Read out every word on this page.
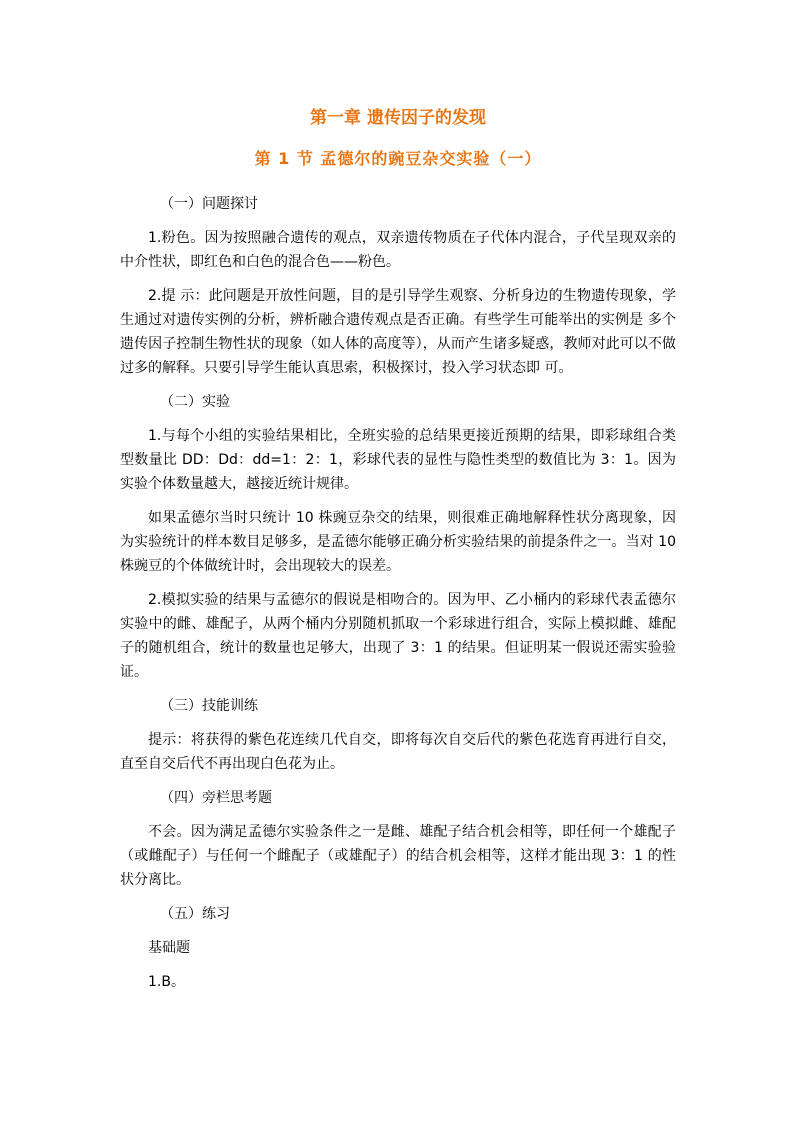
第一章 遗传因子的发现
第 1 节 孟德尔的豌豆杂交实验（一）

（一）问题探讨

1.粉色。因为按照融合遗传的观点，双亲遗传物质在子代体内混合，子代呈现双亲的中介性状，即红色和白色的混合色——粉色。

2.提 示：此问题是开放性问题，目的是引导学生观察、分析身边的生物遗传现象，学生通过对遗传实例的分析，辨析融合遗传观点是否正确。有些学生可能举出的实例是 多个遗传因子控制生物性状的现象（如人体的高度等），从而产生诸多疑惑，教师对此可以不做过多的解释。只要引导学生能认真思索，积极探讨，投入学习状态即 可。

（二）实验

1.与每个小组的实验结果相比，全班实验的总结果更接近预期的结果，即彩球组合类型数量比 DD：Dd：dd=1：2：1，彩球代表的显性与隐性类型的数值比为 3：1。因为实验个体数量越大，越接近统计规律。

如果孟德尔当时只统计 10 株豌豆杂交的结果，则很难正确地解释性状分离现象，因为实验统计的样本数目足够多，是孟德尔能够正确分析实验结果的前提条件之一。当对 10 株豌豆的个体做统计时，会出现较大的误差。

2.模拟实验的结果与孟德尔的假说是相吻合的。因为甲、乙小桶内的彩球代表孟德尔实验中的雌、雄配子，从两个桶内分别随机抓取一个彩球进行组合，实际上模拟雌、雄配子的随机组合，统计的数量也足够大，出现了 3：1 的结果。但证明某一假说还需实验验证。

（三）技能训练

提示：将获得的紫色花连续几代自交，即将每次自交后代的紫色花选育再进行自交，直至自交后代不再出现白色花为止。

（四）旁栏思考题

不会。因为满足孟德尔实验条件之一是雌、雄配子结合机会相等，即任何一个雄配子（或雌配子）与任何一个雌配子（或雄配子）的结合机会相等，这样才能出现 3：1 的性状分离比。

（五）练习

基础题

1.B。
